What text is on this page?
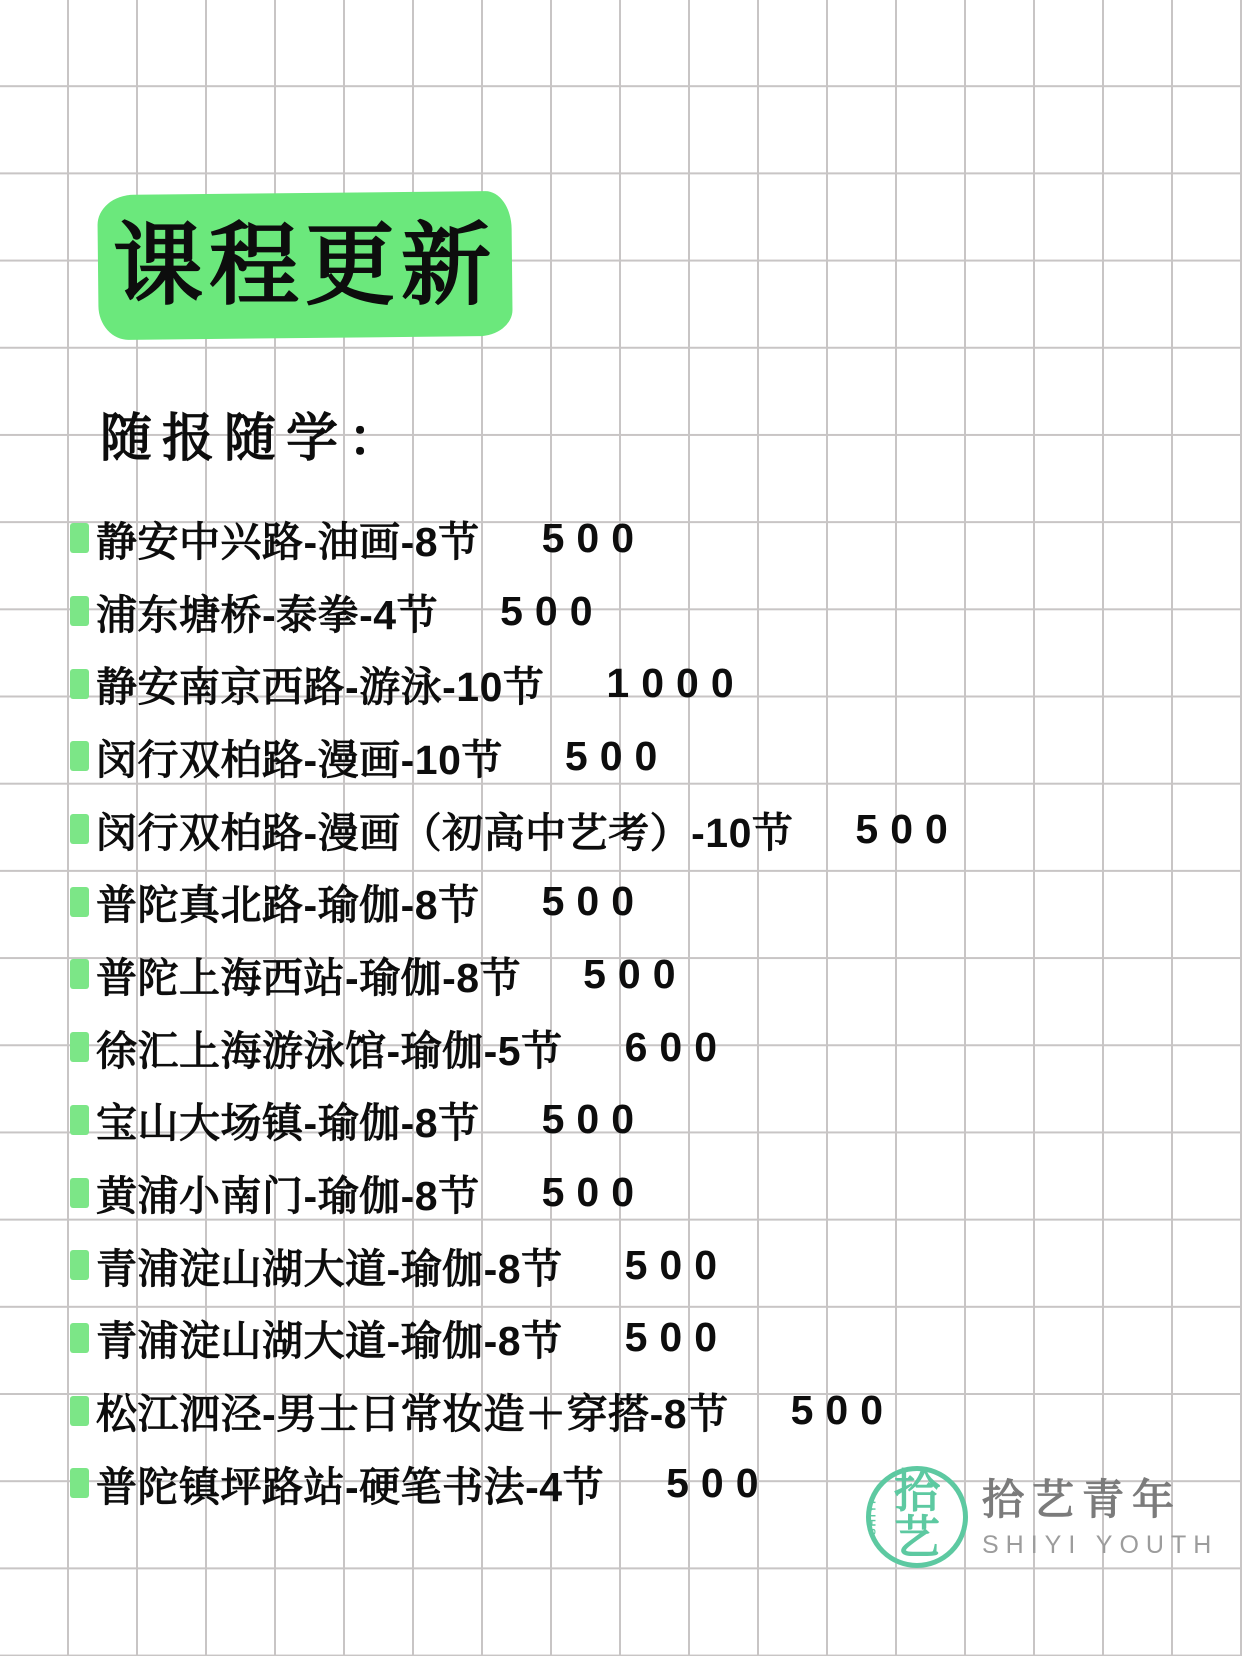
课程更新
随报随学：
静安中兴路-油画-8节 500
浦东塘桥-泰拳-4节 500
静安南京西路-游泳-10节 1000
闵行双柏路-漫画-10节 500
闵行双柏路-漫画（初高中艺考）-10节 500
普陀真北路-瑜伽-8节 500
普陀上海西站-瑜伽-8节 500
徐汇上海游泳馆-瑜伽-5节 600
宝山大场镇-瑜伽-8节 500
黄浦小南门-瑜伽-8节 500
青浦淀山湖大道-瑜伽-8节 500
青浦淀山湖大道-瑜伽-8节 500
松江泗泾-男士日常妆造＋穿搭-8节 500
普陀镇坪路站-硬笔书法-4节 500
SHIYI 拾
艺
拾艺青年
SHIYI YOUTH
